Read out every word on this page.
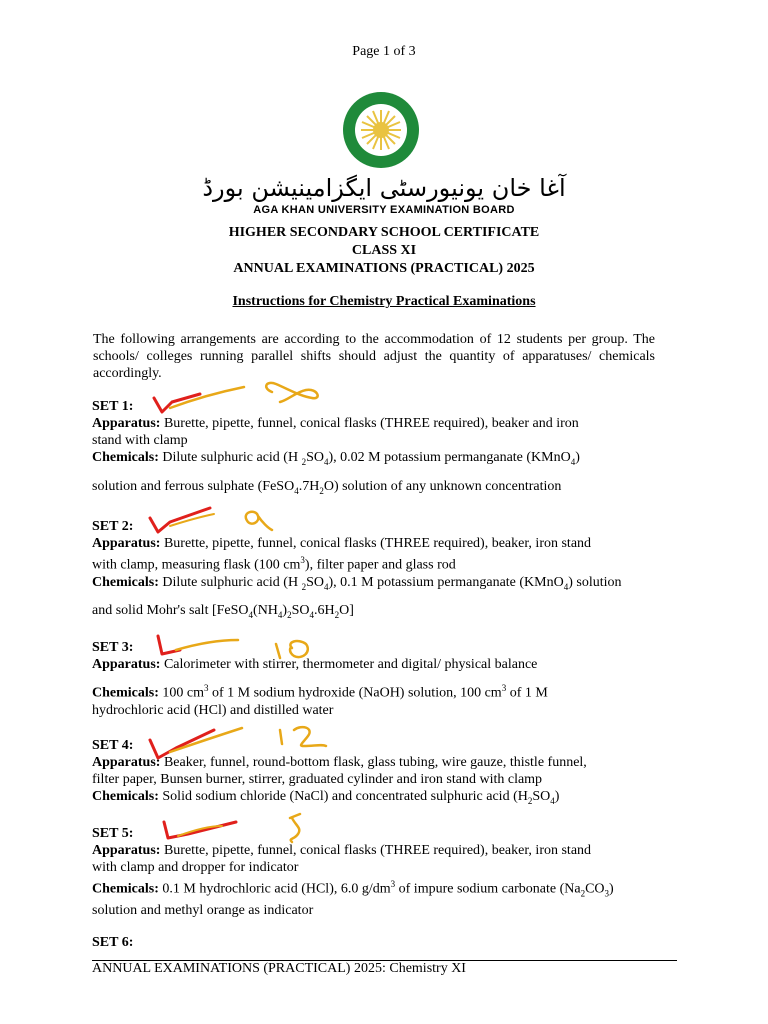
Page 1 of 3
آغا خان یونیورسٹی ایگزامینیشن بورڈ
AGA KHAN UNIVERSITY EXAMINATION BOARD
HIGHER SECONDARY SCHOOL CERTIFICATE
CLASS XI
ANNUAL EXAMINATIONS (PRACTICAL) 2025
Instructions for Chemistry Practical Examinations
The following arrangements are according to the accommodation of 12 students per group. The schools/ colleges running parallel shifts should adjust the quantity of apparatuses/ chemicals accordingly.
SET 1:
Apparatus: Burette, pipette, funnel, conical flasks (THREE required), beaker and iron
stand with clamp
Chemicals: Dilute sulphuric acid (H $_2SO_4$), 0.02 M potassium permanganate (KMnO$_4$)
solution and ferrous sulphate $(FeSO_4.7H_2O)$ solution of any unknown concentration
SET 2:
Apparatus: Burette, pipette, funnel, conical flasks (THREE required), beaker, iron stand
with clamp, measuring flask (100 $cm^3$), filter paper and glass rod
Chemicals: Dilute sulphuric acid (H $_2SO_4$), 0.1 M potassium permanganate (KMnO$_4$) solution
and solid Mohr's salt $[FeSO_4(NH_4)_2SO_4.6H_2O]$
SET 3:
Apparatus: Calorimeter with stirrer, thermometer and digital/ physical balance
Chemicals: 100 $cm^3$ of 1 M sodium hydroxide (NaOH) solution, 100 $cm^3$ of 1 M
hydrochloric acid (HCl) and distilled water
SET 4:
Apparatus: Beaker, funnel, round-bottom flask, glass tubing, wire gauze, thistle funnel,
filter paper, Bunsen burner, stirrer, graduated cylinder and iron stand with clamp
Chemicals: Solid sodium chloride (NaCl) and concentrated sulphuric acid $(H_2SO_4)$
SET 5:
Apparatus: Burette, pipette, funnel, conical flasks (THREE required), beaker, iron stand
with clamp and dropper for indicator
Chemicals: 0.1 M hydrochloric acid (HCl), 6.0 $g/dm^3$ of impure sodium carbonate $(Na_2CO_3)$
solution and methyl orange as indicator
SET 6:
ANNUAL EXAMINATIONS (PRACTICAL) 2025: Chemistry XI
